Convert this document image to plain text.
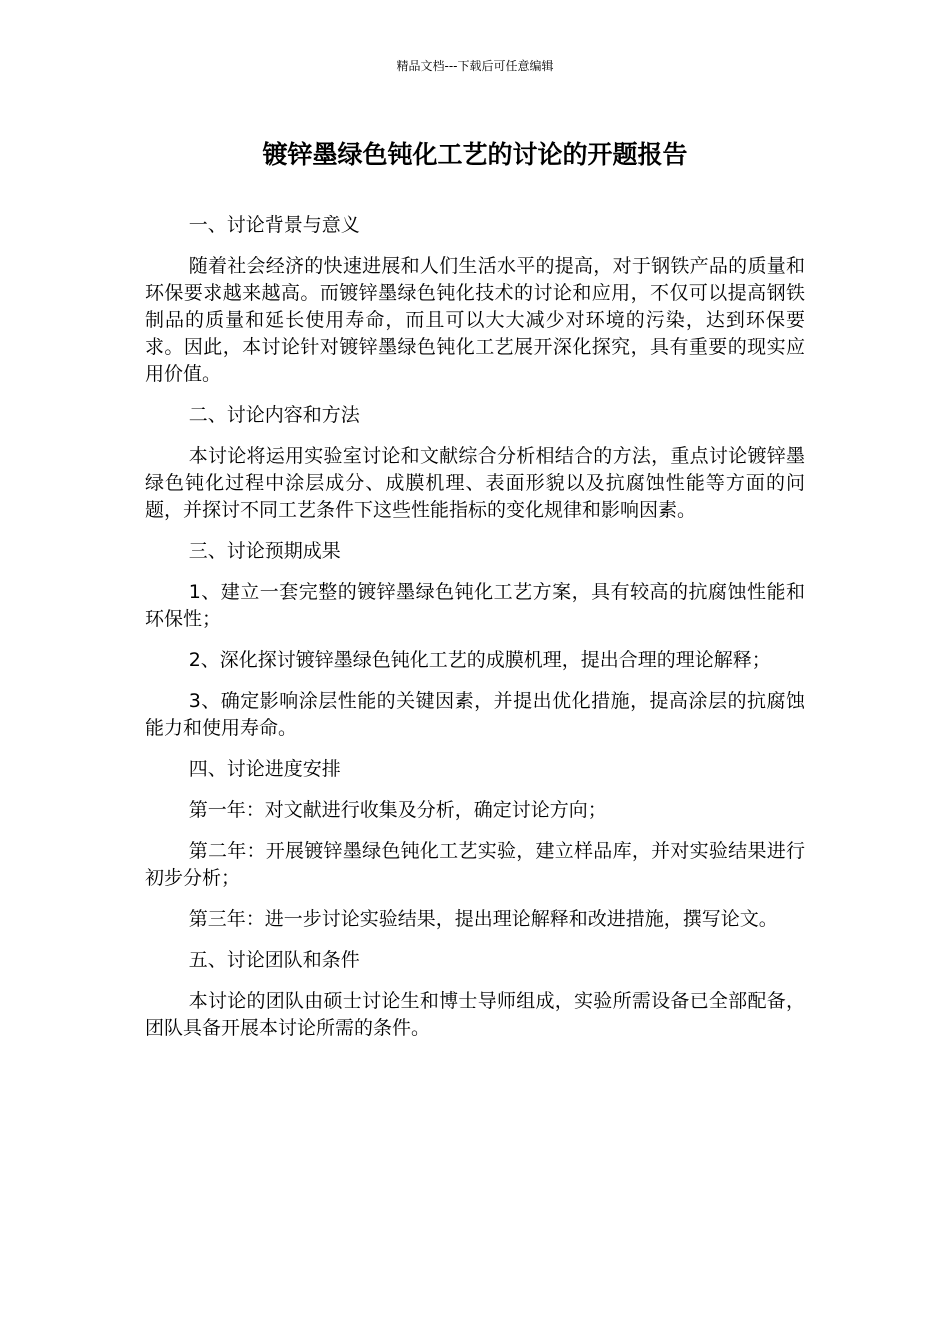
精品文档---下载后可任意编辑
镀锌墨绿色钝化工艺的讨论的开题报告

一、讨论背景与意义

随着社会经济的快速进展和人们生活水平的提高，对于钢铁产品的质量和环保要求越来越高。而镀锌墨绿色钝化技术的讨论和应用，不仅可以提高钢铁制品的质量和延长使用寿命，而且可以大大减少对环境的污染，达到环保要求。因此，本讨论针对镀锌墨绿色钝化工艺展开深化探究，具有重要的现实应用价值。

二、讨论内容和方法

本讨论将运用实验室讨论和文献综合分析相结合的方法，重点讨论镀锌墨绿色钝化过程中涂层成分、成膜机理、表面形貌以及抗腐蚀性能等方面的问题，并探讨不同工艺条件下这些性能指标的变化规律和影响因素。

三、讨论预期成果

1、建立一套完整的镀锌墨绿色钝化工艺方案，具有较高的抗腐蚀性能和环保性；

2、深化探讨镀锌墨绿色钝化工艺的成膜机理，提出合理的理论解释；

3、确定影响涂层性能的关键因素，并提出优化措施，提高涂层的抗腐蚀能力和使用寿命。

四、讨论进度安排

第一年：对文献进行收集及分析，确定讨论方向；

第二年：开展镀锌墨绿色钝化工艺实验，建立样品库，并对实验结果进行初步分析；

第三年：进一步讨论实验结果，提出理论解释和改进措施，撰写论文。

五、讨论团队和条件

本讨论的团队由硕士讨论生和博士导师组成，实验所需设备已全部配备，团队具备开展本讨论所需的条件。
